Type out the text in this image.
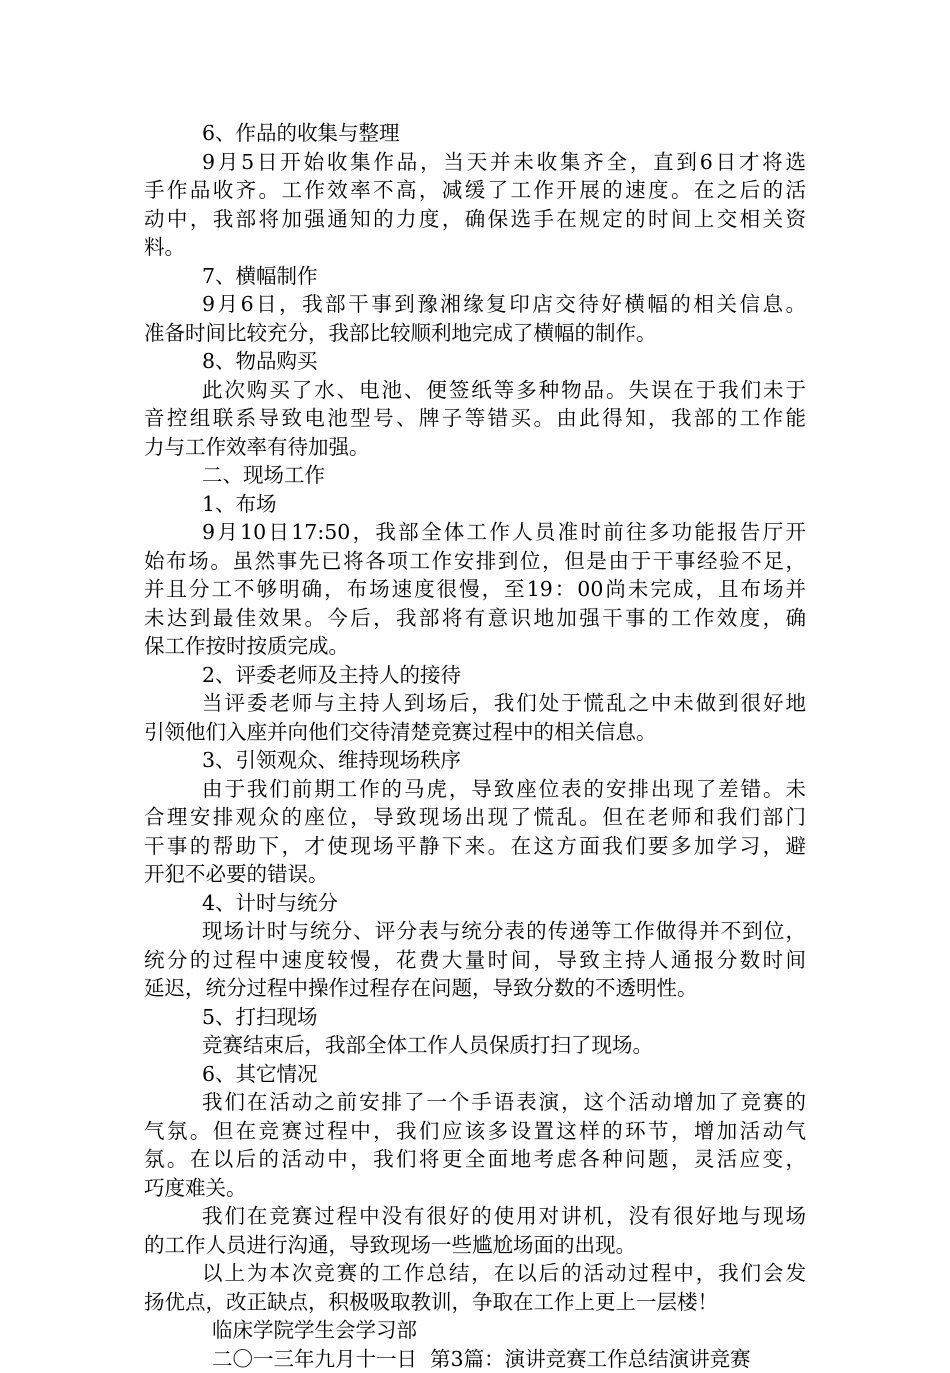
6、作品的收集与整理
9月5日开始收集作品，当天并未收集齐全，直到6日才将选
手作品收齐。工作效率不高，减缓了工作开展的速度。在之后的活
动中，我部将加强通知的力度，确保选手在规定的时间上交相关资
料。
7、横幅制作
9月6日，我部干事到豫湘缘复印店交待好横幅的相关信息。
准备时间比较充分，我部比较顺利地完成了横幅的制作。
8、物品购买
此次购买了水、电池、便签纸等多种物品。失误在于我们未于
音控组联系导致电池型号、牌子等错买。由此得知，我部的工作能
力与工作效率有待加强。
二、现场工作
1、布场
9月10日17:50，我部全体工作人员准时前往多功能报告厅开
始布场。虽然事先已将各项工作安排到位，但是由于干事经验不足，
并且分工不够明确，布场速度很慢，至19：00尚未完成，且布场并
未达到最佳效果。今后，我部将有意识地加强干事的工作效度，确
保工作按时按质完成。
2、评委老师及主持人的接待
当评委老师与主持人到场后，我们处于慌乱之中未做到很好地
引领他们入座并向他们交待清楚竞赛过程中的相关信息。
3、引领观众、维持现场秩序
由于我们前期工作的马虎，导致座位表的安排出现了差错。未
合理安排观众的座位，导致现场出现了慌乱。但在老师和我们部门
干事的帮助下，才使现场平静下来。在这方面我们要多加学习，避
开犯不必要的错误。
4、计时与统分
现场计时与统分、评分表与统分表的传递等工作做得并不到位，
统分的过程中速度较慢，花费大量时间，导致主持人通报分数时间
延迟，统分过程中操作过程存在问题，导致分数的不透明性。
5、打扫现场
竞赛结束后，我部全体工作人员保质打扫了现场。
6、其它情况
我们在活动之前安排了一个手语表演，这个活动增加了竞赛的
气氛。但在竞赛过程中，我们应该多设置这样的环节，增加活动气
氛。在以后的活动中，我们将更全面地考虑各种问题，灵活应变，
巧度难关。
我们在竞赛过程中没有很好的使用对讲机，没有很好地与现场
的工作人员进行沟通，导致现场一些尴尬场面的出现。
以上为本次竞赛的工作总结，在以后的活动过程中，我们会发
扬优点，改正缺点，积极吸取教训，争取在工作上更上一层楼！
临床学院学生会学习部
二〇一三年九月十一日  第3篇：演讲竞赛工作总结演讲竞赛
